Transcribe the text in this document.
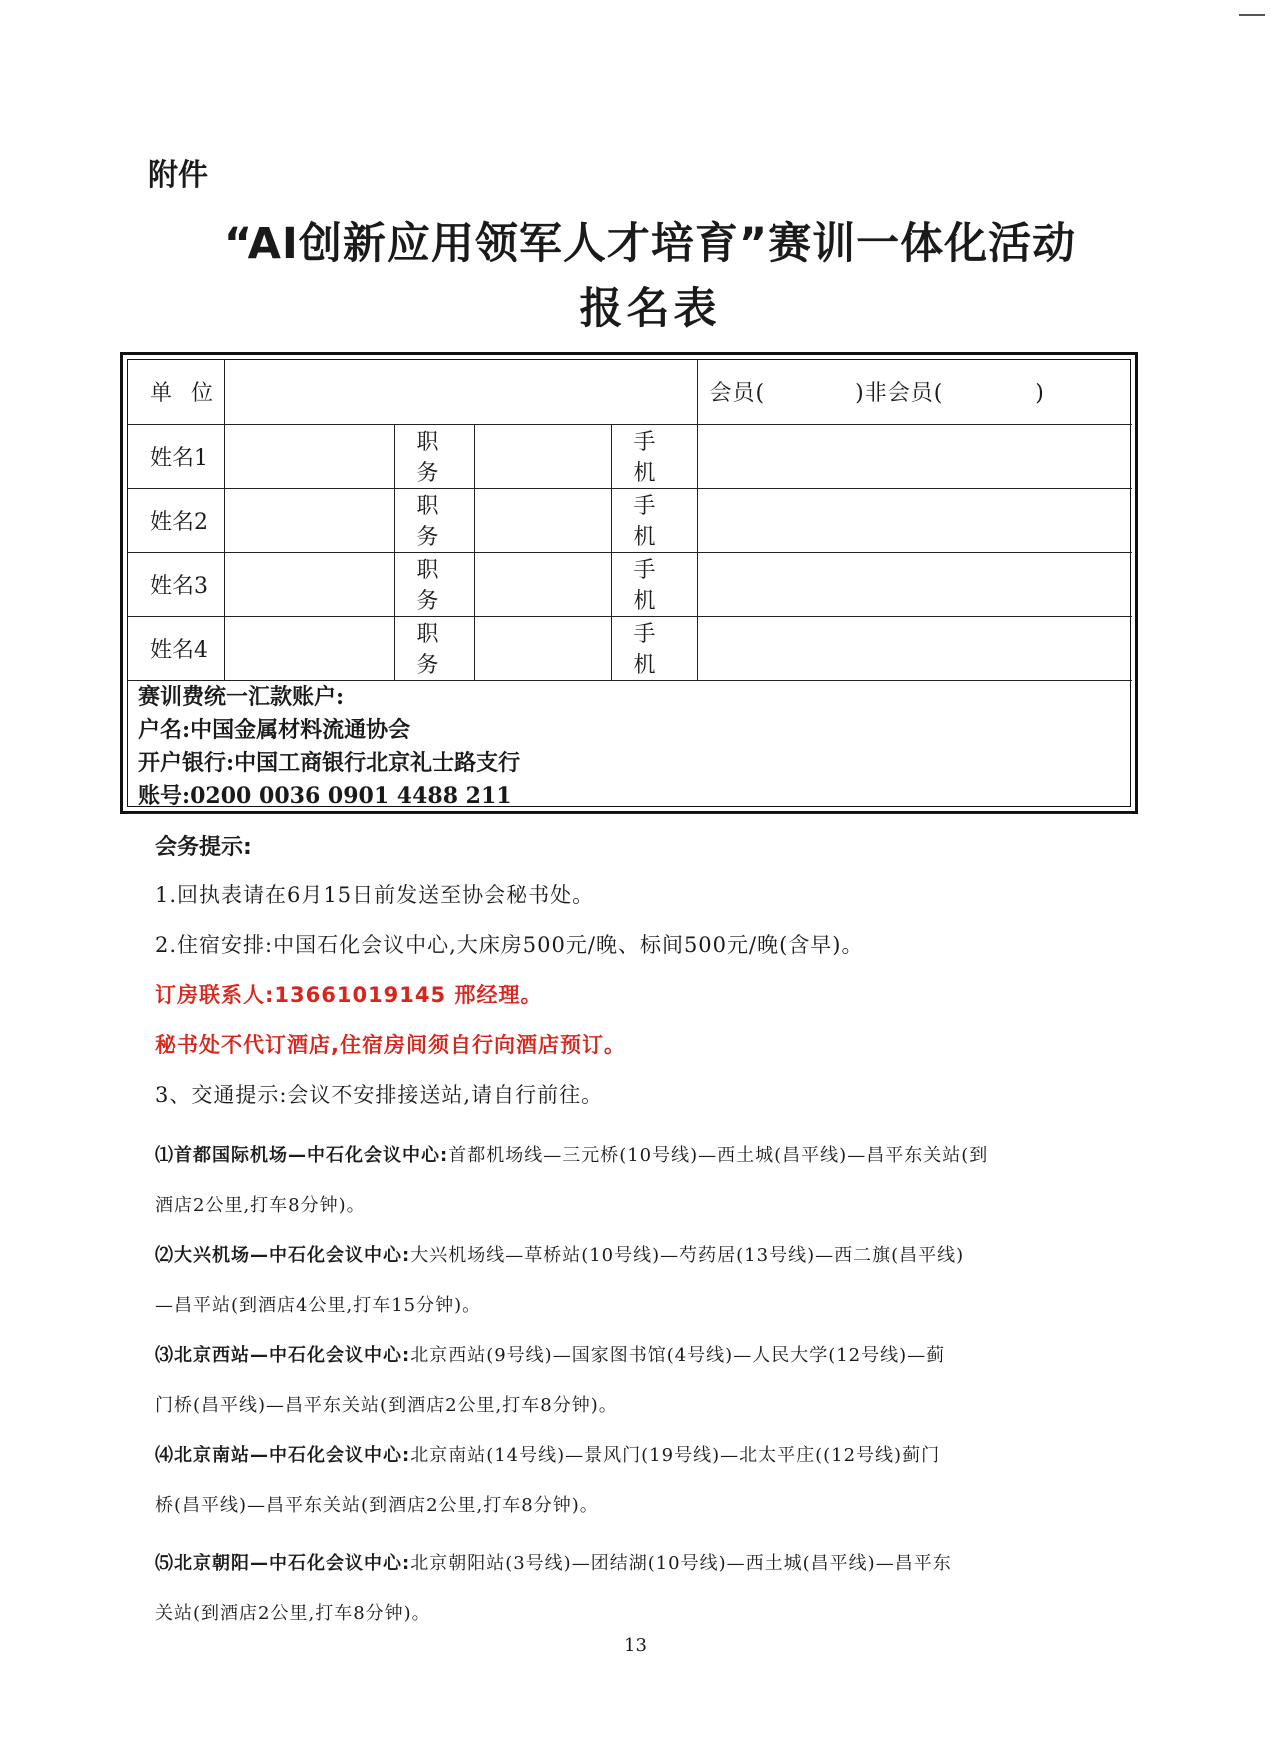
附件
“AI创新应用领军人才培育”赛训一体化活动
报名表
单 位					会员( )非会员( )
姓名1		职 务		手 机	
姓名2		职 务		手 机	
姓名3		职 务		手 机	
姓名4		职 务		手 机	

赛训费统一汇款账户:
户名:中国金属材料流通协会
开户银行:中国工商银行北京礼士路支行
账号:0200 0036 0901 4488 211					
会务提示:
1.回执表请在6月15日前发送至协会秘书处。
2.住宿安排:中国石化会议中心,大床房500元/晚、标间500元/晚(含早)。
订房联系人:13661019145 邢经理。
秘书处不代订酒店,住宿房间须自行向酒店预订。
3、交通提示:会议不安排接送站,请自行前往。
⑴首都国际机场—中石化会议中心:首都机场线—三元桥(10号线)—西土城(昌平线)—昌平东关站(到
酒店2公里,打车8分钟)。
⑵大兴机场—中石化会议中心:大兴机场线—草桥站(10号线)—芍药居(13号线)—西二旗(昌平线)
—昌平站(到酒店4公里,打车15分钟)。
⑶北京西站—中石化会议中心:北京西站(9号线)—国家图书馆(4号线)—人民大学(12号线)—蓟
门桥(昌平线)—昌平东关站(到酒店2公里,打车8分钟)。
⑷北京南站—中石化会议中心:北京南站(14号线)—景风门(19号线)—北太平庄((12号线)蓟门
桥(昌平线)—昌平东关站(到酒店2公里,打车8分钟)。
⑸北京朝阳—中石化会议中心:北京朝阳站(3号线)—团结湖(10号线)—西土城(昌平线)—昌平东
关站(到酒店2公里,打车8分钟)。
13
